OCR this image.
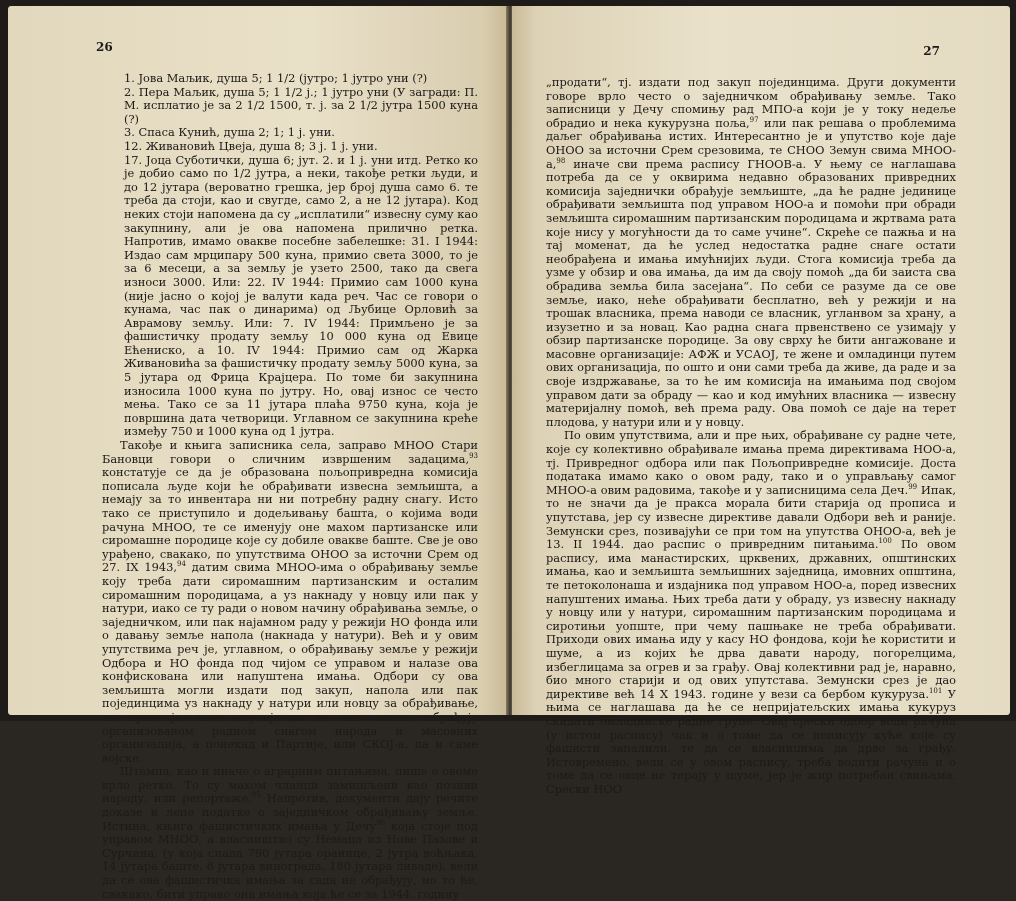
26

1. Јова Маљик, душа 5; 1 1/2 (јутро; 1 јутро уни (?)

2. Пера Маљик, душа 5; 1 1/2 ј.; 1 јутро уни (У загради: П. М. исплатио је за 2 1/2 1500, т. ј. за 2 1/2 јутра 1500 куна (?)

3. Спаса Кунић, душа 2; 1; 1 ј. уни.

12. Живановић Цвеја, душа 8; 3 ј. 1 ј. уни.

17. Јоца Суботички, душа 6; јут. 2. и 1 ј. уни итд. Ретко ко је добио само по 1/2 јутра, а неки, такође ретки људи, и до 12 јутара (вероватно грешка, јер број душа само 6. те треба да стоји, као и свугде, само 2, а не 12 јутара). Код неких стоји напомена да су „исплатили“ извесну суму као закупнину, али је ова напомена прилично ретка. Напротив, имамо овакве посебне забелешке: 31. I 1944: Издао сам мрципару 500 куна, примио света 3000, то је за 6 месеци, а за земљу је узето 2500, тако да свега износи 3000. Или: 22. IV 1944: Примио сам 1000 куна (није јасно о којој је валути када реч. Час се говори о кунама, час пак о динарима) од Љубице Орловић за Аврамову земљу. Или: 7. IV 1944: Примљено је за фашистичку продату земљу 10 000 куна од Евице Ећениско, а 10. IV 1944: Примио сам од Жарка Живановића за фашистичку продату земљу 5000 куна, за 5 јутара од Фрица Крајцера. По томе би закупнина износила 1000 куна по јутру. Но, овај износ се често мења. Тако се за 11 јутара плаћа 9750 куна, која је површина дата четворици. Углавном се закупнина креће између 750 и 1000 куна од 1 јутра.

Такође и књига записника села, заправо МНОО Стари Бановци говори о сличним извршеним задацима,$^{93}$ констатује се да је образована пољопривредна комисија пописала људе који ће обрађивати извесна земљишта, а немају за то инвентара ни ни потребну радну снагу. Исто тако се приступило и додељивању башта, о којима води рачуна МНОО, те се именују оне махом партизанске или сиромашне породице које су добиле овакве баште. Све је ово урађено, свакако, по упутствима ОНОО за источни Срем од 27. IX 1943,94 датим свима МНОО-има о обрађивању земље коју треба дати сиромашним партизанским и осталим сиромашним породицама, а уз накнаду у новцу или пак у натури, иако се ту ради о новом начину обрађивања земље, о заједничком, или пак најамном раду у режији НО фонда или о давању земље напола (накнада у натури). Већ и у овим упутствима реч је, углавном, о обрађивању земље у режији Одбора и НО фонда под чијом се управом и налазе ова конфискована или напуштена имања. Одбори су ова земљишта могли издати под закуп, напола или пак појединцима уз накнаду у натури или новцу за обрађивање, но врло је чест случај да се ове земље обрађују организованом радном снагом народа и масовних организација, а понекад и Партије, или СКОЈ-а, па и саме војске.

Штампа, као и иначе о аграрним питањима, пише о овоме врло ретко. То су махом чланци замишљени као позиви народу, или репортаже.$^{95}$ Напротив, документи дају речите доказе и лепе податке о заједничком обрађивању земље. Истина, књига фашистичких имања у Дечу$^{96}$ која стоје под управом МНОО, а власништво су Немаца из Нове Пазове и Сурчина, (у која спада 790 јутара оранице, 2 јутра воћњака, 14 јутара баште, 8 јутара винограда, 180 јутара ливаде), вели да се ова фашистичка имања за сада не обрађују, но то ће, свакако, бити управо она имања која ће се за 1944. годину

27

„продати“, тј. издати под закуп појединцима. Други документи говоре врло често о заједничком обрађивању земље. Тако записници у Дечу спомињу рад МПО-а који је у току недеље обрадио и нека кукурузна поља,$^{97}$ или пак решава о проблемима даљег обрађивања истих. Интересантно је и упутство које даје ОНОО за источни Срем срезовима, те СНОО Земун свима МНОО-а,$^{98}$ иначе сви према распису ГНООВ-а. У њему се наглашава потреба да се у оквирима недавно образованих привредних комисија заједнички обрађује земљиште, „да ће радне јединице обрађивати земљишта под управом НОО-а и помоћи при обради земљишта сиромашним партизанским породицама и жртвама рата које нису у могућности да то саме учине“. Скреће се пажња и на тај моменат, да ће услед недостатка радне снаге остати необрађена и имања имућнијих људи. Стога комисија треба да узме у обзир и ова имања, да им да своју помоћ „да би заиста сва обрадива земља била засејана“. По себи се разуме да се ове земље, иако, неће обрађивати бесплатно, већ у режији и на трошак власника, према наводи се власник, угланвом за храну, а изузетно и за новац. Као радна снага првенствено се узимају у обзир партизанске породице. За ову сврху ће бити ангажоване и масовне организације: АФЖ и УСАОЈ, те жене и омладинци путем ових организација, по ошто и они сами треба да живе, да раде и за своје издржавање, за то ће им комисија на имањима под својом управом дати за обраду — као и код имућних власника — извесну материјалну помоћ, већ према раду. Ова помоћ се даје на терет плодова, у натури или и у новцу.

По овим упутствима, али и пре њих, обрађиване су радне чете, које су колективно обрађивале имања према директивама НОО-а, тј. Привредног одбора или пак Пољопривредне комисије. Доста података имамо како о овом раду, тако и о управљању самог МНОО-а овим радовима, такође и у записницима села Деч.$^{99}$ Ипак, то не значи да је пракса морала бити старија од прописа и упутстава, јер су извесне директиве давали Одбори већ и раније. Земунски срез, позивајући се при том на упутства ОНОО-а, већ је 13. II 1944. дао распис о привредним питањима.$^{100}$ По овом распису, има манастирских, црквених, државних, општинских имања, као и земљишта земљишних заједница, имовних општина, те петоколонаша и издајника под управом НОО-а, поред извесних напуштених имања. Њих треба дати у обраду, уз извесну накнаду у новцу или у натури, сиромашним партизанским породицама и сиротињи уопште, при чему пашњаке не треба обрађивати. Приходи ових имања иду у касу НО фондова, који ће користити и шуме, а из којих ће дрва давати народу, погорелцима, избеглицама за огрев и за грађу. Овај колективни рад је, наравно, био много старији и од ових упутстава. Земунски срез је дао директиве већ 14 X 1943. године у вези са бербом кукуруза.$^{101}$ У њима се наглашава да ће се непријатељских имања кукуруз скидати омладинске радне групе. Овај срески одбор води рачуна (у истом распису) чак и о томе да се пописују куће које су фашисти запалили, те да се власницима да дрво за грађу. Истовремено, вели се у овом распису, треба водити рачуна и о томе да се овце не терају у шуме, јер је жир потребан свињама. Срески НОО
